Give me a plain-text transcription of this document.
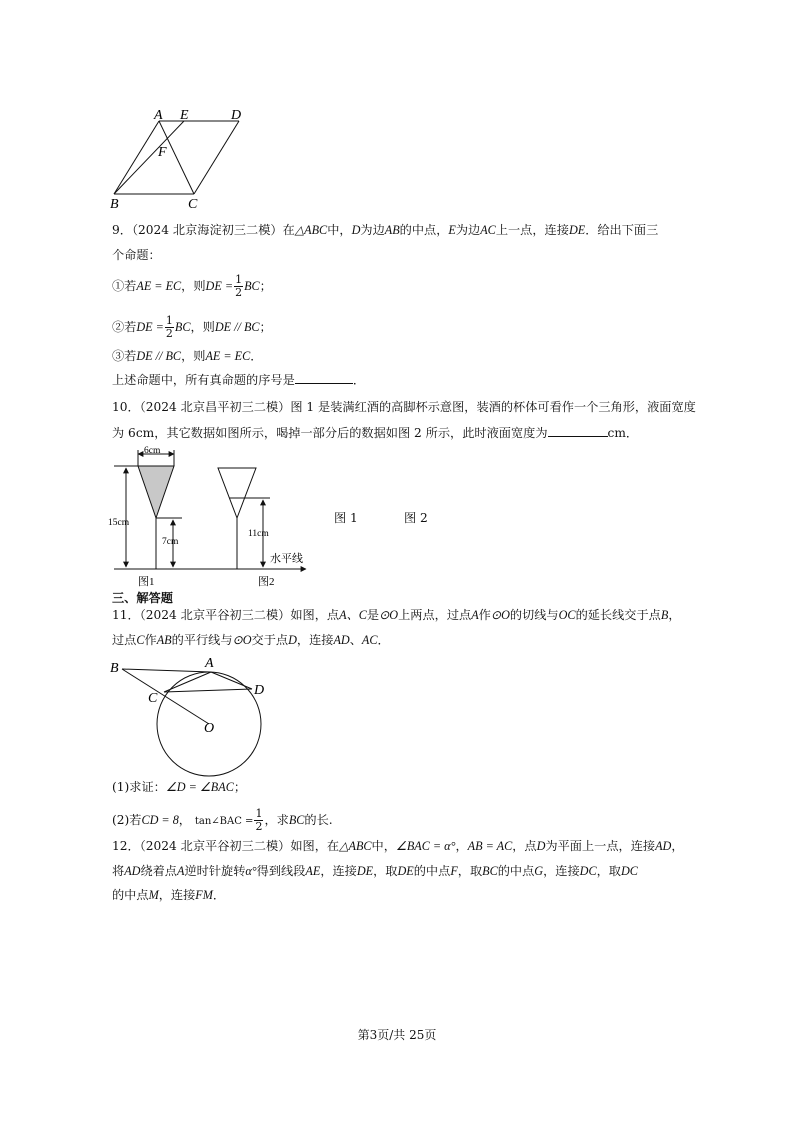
A E	D
F
B	C
9．（2024 北京海淀初三二模）在△ABC中，D为边AB的中点，E为边AC上一点，连接DE．给出下面三
个命题：
①若AE = EC，则DE = $\frac{1}{2}$ BC；
②若DE = $\frac{1}{2}$ BC，则DE // BC；
③若DE // BC，则AE = EC．
上述命题中，所有真命题的序号是	．
10．（2024 北京昌平初三二模）图 1 是装满红酒的高脚杯示意图，装酒的杯体可看作一个三角形，液面宽度
为 6cm，其它数据如图所示，喝掉一部分后的数据如图 2 所示，此时液面宽度为	cm．
6cm
15cm
7cm
11cm
水平线
图1	图2
图 1	图 2
三、解答题
11．（2024 北京平谷初三二模）如图，点A、C是⊙O上两点，过点A作⊙O的切线与OC的延长线交于点B，
过点C作AB的平行线与⊙O交于点D，连接AD、AC．
B	A
C
D
O
(1)求证：∠D = ∠BAC；
(2)若CD = 8， tan∠BAC = $\frac{1}{2}$ ，求BC的长.
12．（2024 北京平谷初三二模）如图，在△ABC中，∠BAC = α°，AB = AC，点D为平面上一点，连接AD，
将AD绕着点A逆时针旋转α°得到线段AE，连接DE，取DE的中点F，取BC的中点G，连接DC，取DC
的中点M，连接FM．
第3页/共 25页
